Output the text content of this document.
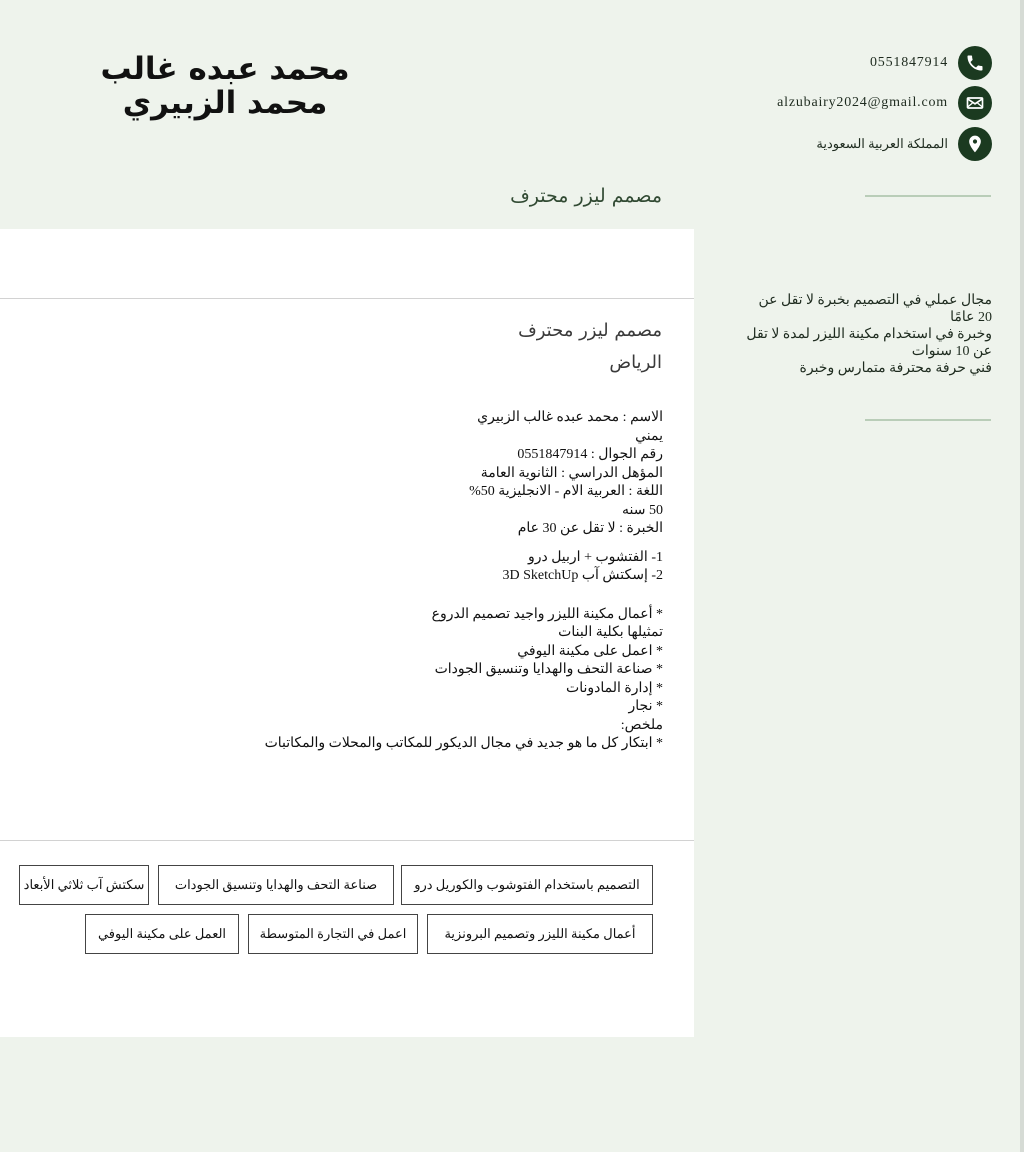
محمد عبده غالب محمد الزبيري
0551847914
alzubairy2024@gmail.com
المملكة العربية السعودية
مصمم ليزر محترف
مجال عملي في التصميم بخبرة لا تقل عن 20 عامًا
وخبرة في استخدام مكينة الليزر لمدة لا تقل عن 10 سنوات
فني حرفة محترفة متمارس وخبرة
مصمم ليزر محترف
الرياض
الاسم : محمد عبده غالب الزبيري
يمني
رقم الجوال : 0551847914
المؤهل الدراسي : الثانوية العامة
اللغة : العربية الام - الانجليزية 50%
50 سنه
الخبرة : لا تقل عن 30 عام
1- الفتشوب + اربيل درو
2- إسكتش آب 3D SketchUp
* أعمال مكينة الليزر واجيد تصميم الدروع
تمثيلها بكلية البنات
* اعمل على مكينة اليوفي
* صناعة التحف والهدايا وتنسيق الجودات
* إدارة المادونات
* نجار
ملخص:
* ابتكار كل ما هو جديد في مجال الديكور للمكاتب والمحلات والمكاتبات
التصميم باستخدام الفتوشوب والكوريل درو
صناعة التحف والهدايا وتنسيق الجودات
سكتش آب ثلاثي الأبعاد
أعمال مكينة الليزر وتصميم البرونزية
اعمل في التجارة المتوسطة
العمل على مكينة اليوفي
